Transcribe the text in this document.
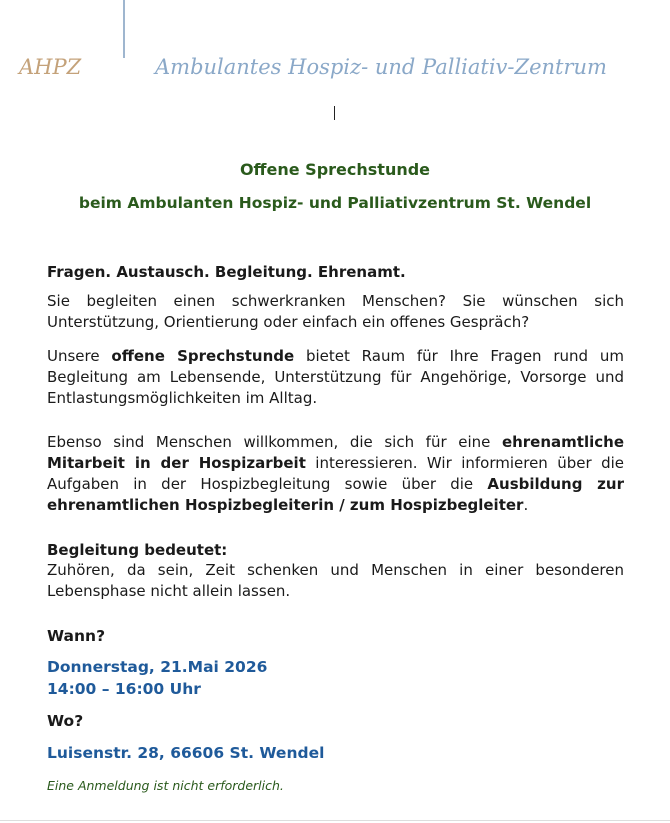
AHPZ	Ambulantes Hospiz- und Palliativ-Zentrum
Offene Sprechstunde
beim Ambulanten Hospiz- und Palliativzentrum St. Wendel
Fragen. Austausch. Begleitung. Ehrenamt.

Sie begleiten einen schwerkranken Menschen? Sie wünschen sich Unterstützung, Orientierung oder einfach ein offenes Gespräch?

Unsere offene Sprechstunde bietet Raum für Ihre Fragen rund um Begleitung am Lebensende, Unterstützung für Angehörige, Vorsorge und Entlastungsmöglichkeiten im Alltag.

Ebenso sind Menschen willkommen, die sich für eine ehrenamtliche Mitarbeit in der Hospizarbeit interessieren. Wir informieren über die Aufgaben in der Hospizbegleitung sowie über die Ausbildung zur ehrenamtlichen Hospizbegleiterin / zum Hospizbegleiter.

Begleitung bedeutet:

Zuhören, da sein, Zeit schenken und Menschen in einer besonderen Lebensphase nicht allein lassen.

Wann?
Donnerstag, 21.Mai 2026
14:00 – 16:00 Uhr
Wo?
Luisenstr. 28, 66606 St. Wendel
Eine Anmeldung ist nicht erforderlich.
